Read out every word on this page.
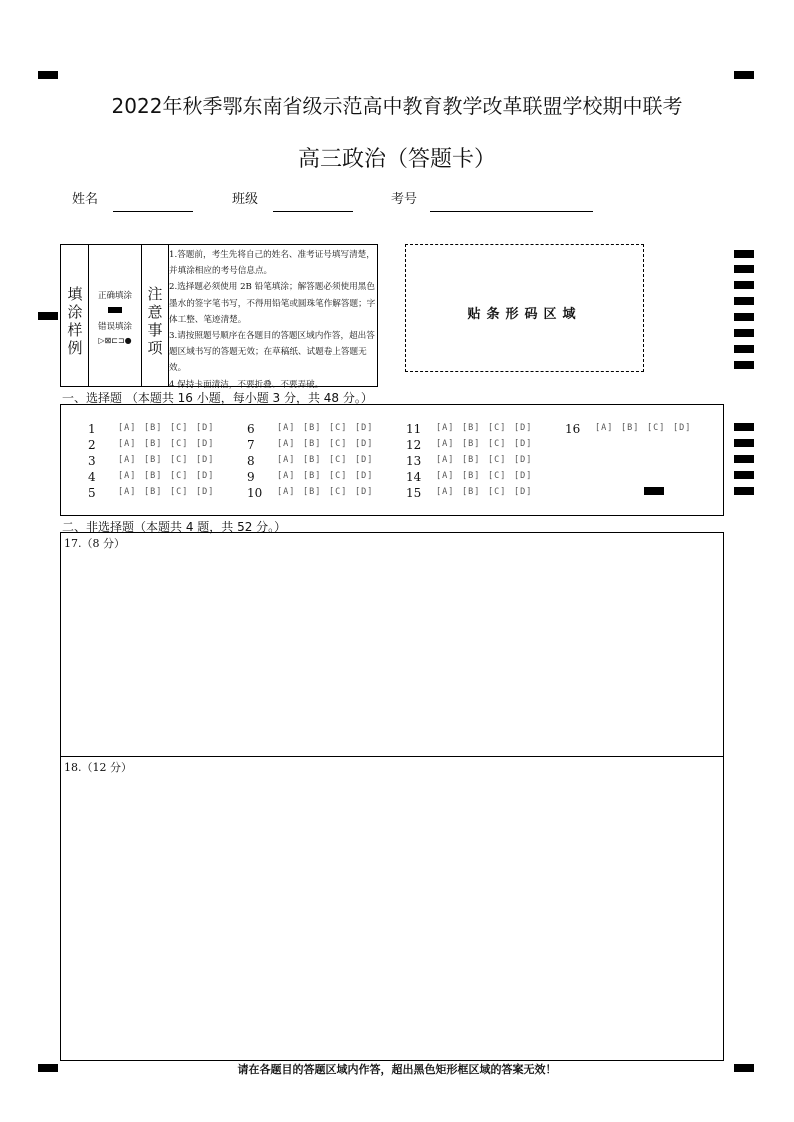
2022年秋季鄂东南省级示范高中教育教学改革联盟学校期中联考
高三政治（答题卡）
姓名	班级	考号
填涂样例
正确填涂
错误填涂
▷⊠⊏⊐●
注意事项
1.答题前，考生先将自己的姓名、准考证号填写清楚，并填涂相应的考号信息点。
2.选择题必须使用 2B 铅笔填涂；解答题必须使用黑色墨水的签字笔书写，不得用铅笔或圆珠笔作解答题；字体工整、笔迹清楚。
3.请按照题号顺序在各题目的答题区域内作答，超出答题区域书写的答题无效；在草稿纸、试题卷上答题无效。
4.保持卡面清洁，不要折叠、不要弄破。
贴条形码区域
一、选择题 （本题共 16 小题，每小题 3 分，共 48 分。）
1	[A] [B] [C] [D]
2	[A] [B] [C] [D]
3	[A] [B] [C] [D]
4	[A] [B] [C] [D]
5	[A] [B] [C] [D]
6	[A] [B] [C] [D]
7	[A] [B] [C] [D]
8	[A] [B] [C] [D]
9	[A] [B] [C] [D]
10 [A] [B] [C] [D]
11 [A] [B] [C] [D]
12 [A] [B] [C] [D]
13 [A] [B] [C] [D]
14 [A] [B] [C] [D]
15 [A] [B] [C] [D]
16 [A] [B] [C] [D]
二、非选择题（本题共 4 题，共 52 分。）
17.（8 分）
18.（12 分）
请在各题目的答题区域内作答，超出黑色矩形框区域的答案无效！
